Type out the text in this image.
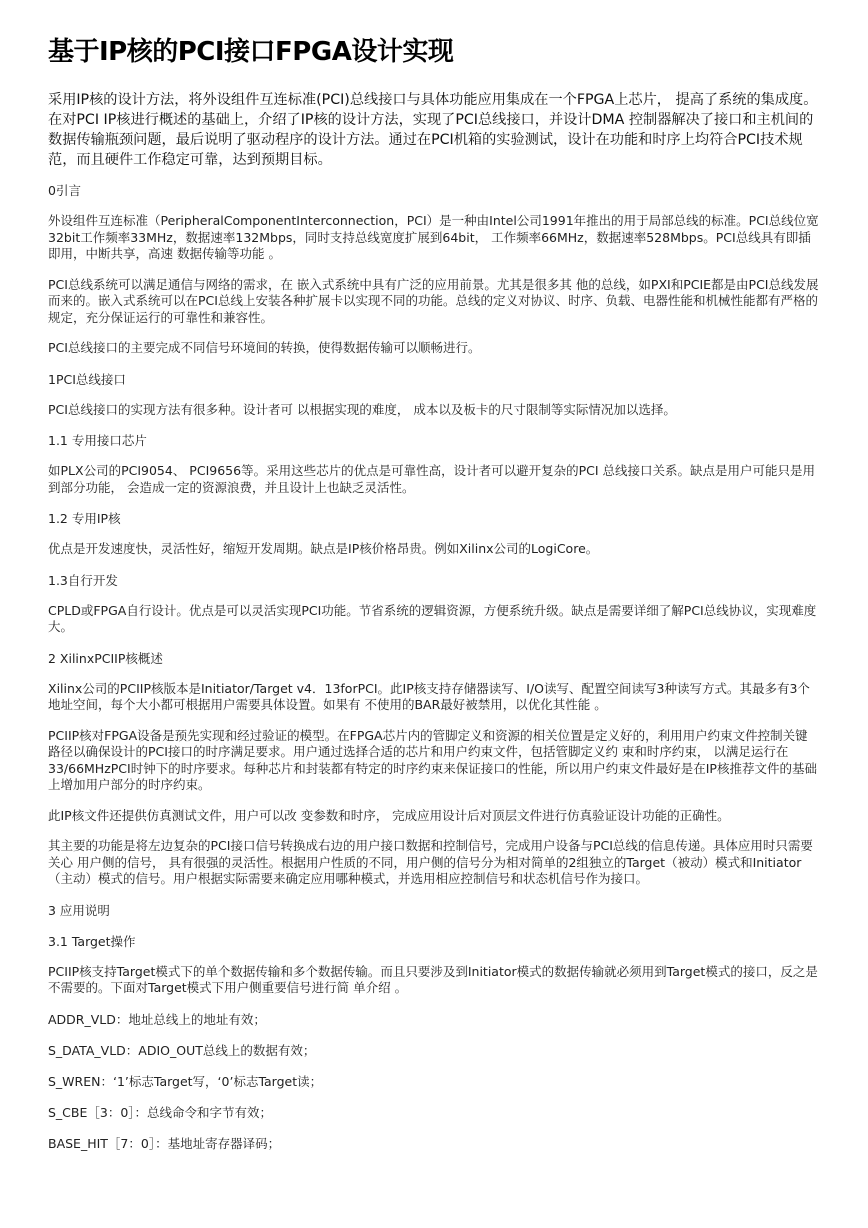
基于IP核的PCI接口FPGA设计实现

采用IP核的设计方法，将外设组件互连标准(PCI)总线接口与具体功能应用集成在一个FPGA上芯片， 提高了系统的集成度。在对PCI IP核进行概述的基础上，介绍了IP核的设计方法，实现了PCI总线接口，并设计DMA 控制器解决了接口和主机间的数据传输瓶颈问题，最后说明了驱动程序的设计方法。通过在PCI机箱的实验测试，设计在功能和时序上均符合PCI技术规范，而且硬件工作稳定可靠，达到预期目标。

0引言

外设组件互连标准（PeripheralComponentInterconnection，PCI）是一种由Intel公司1991年推出的用于局部总线的标准。PCI总线位宽32bit工作频率33MHz，数据速率132Mbps，同时支持总线宽度扩展到64bit， 工作频率66MHz，数据速率528Mbps。PCI总线具有即插即用，中断共享，高速 数据传输等功能 。

PCI总线系统可以满足通信与网络的需求，在 嵌入式系统中具有广泛的应用前景。尤其是很多其 他的总线，如PXI和PCIE都是由PCI总线发展而来的。嵌入式系统可以在PCI总线上安装各种扩展卡以实现不同的功能。总线的定义对协议、时序、负载、电器性能和机械性能都有严格的规定，充分保证运行的可靠性和兼容性。

PCI总线接口的主要完成不同信号环境间的转换，使得数据传输可以顺畅进行。

1PCI总线接口

PCI总线接口的实现方法有很多种。设计者可 以根据实现的难度， 成本以及板卡的尺寸限制等实际情况加以选择。

1.1 专用接口芯片

如PLX公司的PCI9054、 PCI9656等。采用这些芯片的优点是可靠性高，设计者可以避开复杂的PCI 总线接口关系。缺点是用户可能只是用到部分功能， 会造成一定的资源浪费，并且设计上也缺乏灵活性。

1.2 专用IP核

优点是开发速度快，灵活性好，缩短开发周期。缺点是IP核价格昂贵。例如Xilinx公司的LogiCore。

1.3自行开发

CPLD或FPGA自行设计。优点是可以灵活实现PCI功能。节省系统的逻辑资源，方便系统升级。缺点是需要详细了解PCI总线协议，实现难度大。

2 XilinxPCIIP核概述

Xilinx公司的PCIIP核版本是Initiator/Target v4．13forPCI。此IP核支持存储器读写、I/O读写、配置空间读写3种读写方式。其最多有3个地址空间，每个大小都可根据用户需要具体设置。如果有 不使用的BAR最好被禁用，以优化其性能 。

PCIIP核对FPGA设备是预先实现和经过验证的模型。在FPGA芯片内的管脚定义和资源的相关位置是定义好的，利用用户约束文件控制关键路径以确保设计的PCI接口的时序满足要求。用户通过选择合适的芯片和用户约束文件，包括管脚定义约 束和时序约束， 以满足运行在33/66MHzPCI时钟下的时序要求。每种芯片和封装都有特定的时序约束来保证接口的性能，所以用户约束文件最好是在IP核推荐文件的基础上增加用户部分的时序约束。

此IP核文件还提供仿真测试文件，用户可以改 变参数和时序， 完成应用设计后对顶层文件进行仿真验证设计功能的正确性。

其主要的功能是将左边复杂的PCI接口信号转换成右边的用户接口数据和控制信号，完成用户设备与PCI总线的信息传递。具体应用时只需要关心 用户侧的信号， 具有很强的灵活性。根据用户性质的不同，用户侧的信号分为相对简单的2组独立的Target（被动）模式和Initiator（主动）模式的信号。用户根据实际需要来确定应用哪种模式，并选用相应控制信号和状态机信号作为接口。

3 应用说明

3.1 Target操作

PCIIP核支持Target模式下的单个数据传输和多个数据传输。而且只要涉及到Initiator模式的数据传输就必须用到Target模式的接口，反之是不需要的。下面对Target模式下用户侧重要信号进行简 单介绍 。

ADDR_VLD：地址总线上的地址有效；

S_DATA_VLD：ADIO_OUT总线上的数据有效；

S_WREN：‘1’标志Target写，‘0’标志Target读；

S_CBE［3：0］：总线命令和字节有效；

BASE_HIT［7：0］：基地址寄存器译码；
